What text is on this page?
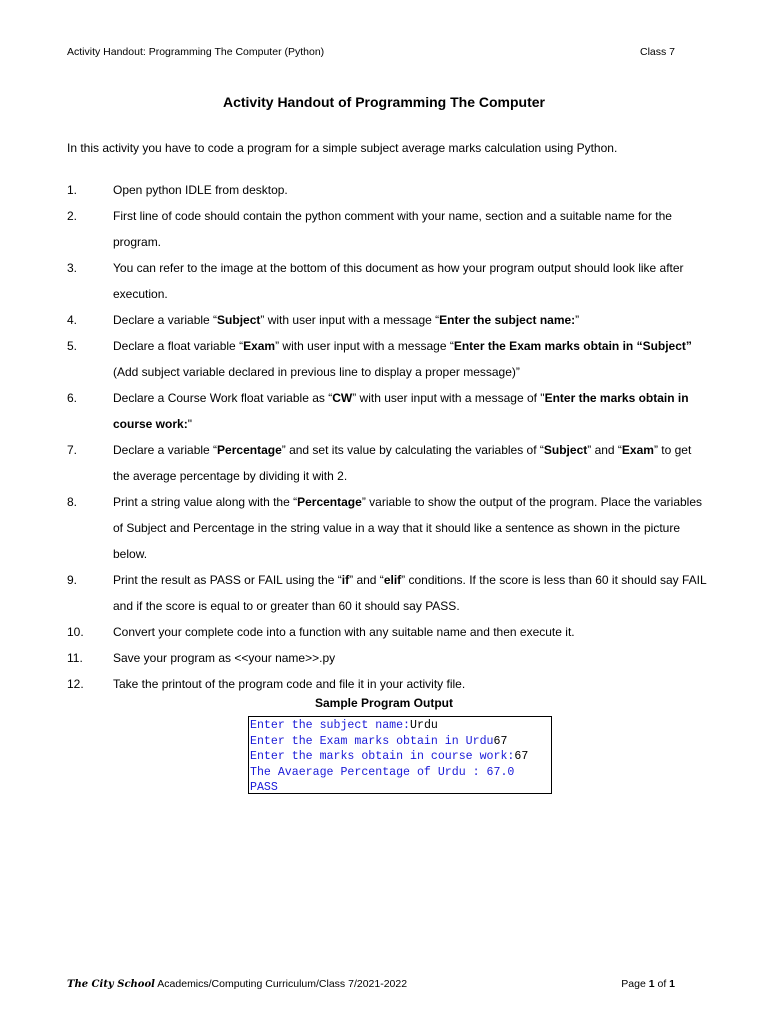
Activity Handout: Programming The Computer (Python)	Class 7
Activity Handout of Programming The Computer
In this activity you have to code a program for a simple subject average marks calculation using Python.
1.	Open python IDLE from desktop.
2.	First line of code should contain the python comment with your name, section and a suitable name for the program.
3.	You can refer to the image at the bottom of this document as how your program output should look like after execution.
4.	Declare a variable “Subject” with user input with a message “Enter the subject name:”
5.	Declare a float variable “Exam” with user input with a message “Enter the Exam marks obtain in “Subject” (Add subject variable declared in previous line to display a proper message)”
6.	Declare a Course Work float variable as “CW” with user input with a message of "Enter the marks obtain in course work:"
7.	Declare a variable “Percentage” and set its value by calculating the variables of “Subject” and “Exam” to get the average percentage by dividing it with 2.
8.	Print a string value along with the “Percentage” variable to show the output of the program. Place the variables of Subject and Percentage in the string value in a way that it should like a sentence as shown in the picture below.
9.	Print the result as PASS or FAIL using the “if” and “elif” conditions. If the score is less than 60 it should say FAIL and if the score is equal to or greater than 60 it should say PASS.
10. Convert your complete code into a function with any suitable name and then execute it.
11.	Save your program as <<your name>>.py
12. Take the printout of the program code and file it in your activity file.
Sample Program Output
Enter the subject name:Urdu
Enter the Exam marks obtain in Urdu67
Enter the marks obtain in course work:67
The Avaerage Percentage of Urdu : 67.0
PASS
The City School Academics/Computing Curriculum/Class 7/2021-2022	Page 1 of 1
